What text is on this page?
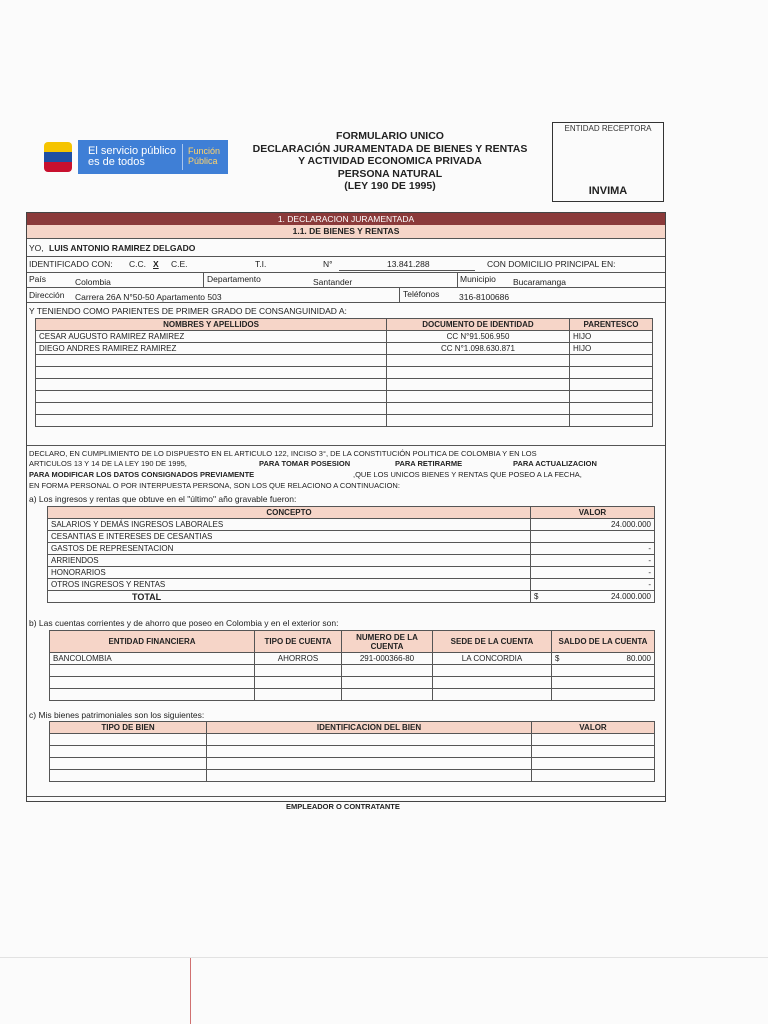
El servicio público
es de todos
Función
Pública
FORMULARIO UNICO
DECLARACIÓN JURAMENTADA DE BIENES Y RENTAS
Y ACTIVIDAD ECONOMICA PRIVADA
PERSONA NATURAL
(LEY 190 DE 1995)
ENTIDAD RECEPTORA
INVIMA
1. DECLARACION JURAMENTADA
1.1. DE BIENES Y RENTAS
YO, LUIS ANTONIO RAMIREZ DELGADO
IDENTIFICADO CON: C.C. X C.E.	T.I.	N°	13.841.288	CON DOMICILIO PRINCIPAL EN:
País	Colombia	Departamento	Santander	Municipio Bucaramanga
Dirección Carrera 26A N°50-50 Apartamento 503	Teléfonos 316-8100686
Y TENIENDO COMO PARIENTES DE PRIMER GRADO DE CONSANGUINIDAD A:
NOMBRES Y APELLIDOS	DOCUMENTO DE IDENTIDAD	PARENTESCO
CESAR AUGUSTO RAMIREZ RAMIREZ	CC N°91.506.950	HIJO
DIEGO ANDRES RAMIREZ RAMIREZ	CC N°1.098.630.871	HIJO

DECLARO, EN CUMPLIMIENTO DE LO DISPUESTO EN EL ARTICULO 122, INCISO 3°, DE LA CONSTITUCIÓN POLITICA DE COLOMBIA Y EN LOS
ARTICULOS 13 Y 14 DE LA LEY 190 DE 1995,	PARA TOMAR POSESION	PARA RETIRARME	PARA ACTUALIZACION
PARA MODIFICAR LOS DATOS CONSIGNADOS PREVIAMENTE	,QUE LOS UNICOS BIENES Y RENTAS QUE POSEO A LA FECHA,
EN FORMA PERSONAL O POR INTERPUESTA PERSONA, SON LOS QUE RELACIONO A CONTINUACION:
a) Los ingresos y rentas que obtuve en el "último" año gravable fueron:
CONCEPTO	VALOR
SALARIOS Y DEMÁS INGRESOS LABORALES	24.000.000
CESANTIAS E INTERESES DE CESANTIAS	
GASTOS DE REPRESENTACION	-
ARRIENDOS	-
HONORARIOS	-
OTROS INGRESOS Y RENTAS	-
TOTAL	$ 24.000.000
b) Las cuentas corrientes y de ahorro que poseo en Colombia y en el exterior son:
ENTIDAD FINANCIERA	TIPO DE CUENTA	NUMERO DE LA CUENTA	SEDE DE LA CUENTA	SALDO DE LA CUENTA
BANCOLOMBIA	AHORROS	291-000366-80	LA CONCORDIA	$ 80.000

c) Mis bienes patrimoniales son los siguientes:
TIPO DE BIEN	IDENTIFICACION DEL BIEN	VALOR

EMPLEADOR O CONTRATANTE
